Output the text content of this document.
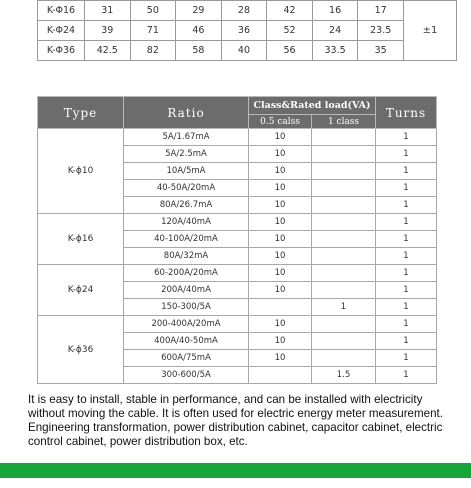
K-Φ16	31	50	29	28	42	16	17	±1
K-Φ24	39	71	46	36	52	24	23.5	
K-Φ36	42.5	82	58	40	56	33.5	35	
Type	Ratio	Class&Rated load(VA)		Turns
		0.5 calss	1 class	
K-ϕ10	5A/1.67mA	10		1
	5A/2.5mA	10		1
	10A/5mA	10		1
	40-50A/20mA	10		1
	80A/26.7mA	10		1
K-ϕ16	120A/40mA	10		1
	40-100A/20mA	10		1
	80A/32mA	10		1
K-ϕ24	60-200A/20mA	10		1
	200A/40mA	10		1
	150-300/5A		1	1
K-ϕ36	200-400A/20mA	10		1
	400A/40-50mA	10		1
	600A/75mA	10		1
	300-600/5A		1.5	1

It is easy to install, stable in performance, and can be installed with electricity without moving the cable. It is often used for electric energy meter measurement. Engineering transformation, power distribution cabinet, capacitor cabinet, electric control cabinet, power distribution box, etc.
